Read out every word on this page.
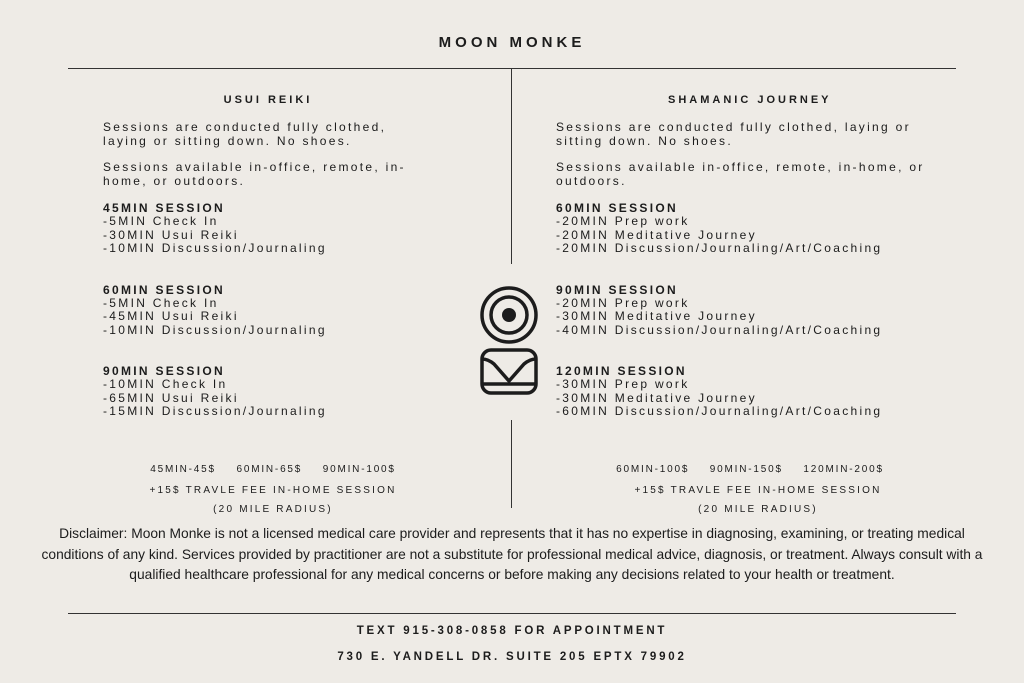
MOON MONKE
USUI REIKI

Sessions are conducted fully clothed, laying or sitting down. No shoes.

Sessions available in-office, remote, in-home, or outdoors.

45MIN SESSION
-5MIN Check In
-30MIN Usui Reiki
-10MIN Discussion/Journaling
60MIN SESSION
-5MIN Check In
-45MIN Usui Reiki
-10MIN Discussion/Journaling
90MIN SESSION
-10MIN Check In
-65MIN Usui Reiki
-15MIN Discussion/Journaling
45MIN-45$ 60MIN-65$ 90MIN-100$
+15$ TRAVLE FEE IN-HOME SESSION
(20 MILE RADIUS)
SHAMANIC JOURNEY

Sessions are conducted fully clothed, laying or sitting down. No shoes.

Sessions available in-office, remote, in-home, or outdoors.

60MIN SESSION
-20MIN Prep work
-20MIN Meditative Journey
-20MIN Discussion/Journaling/Art/Coaching
90MIN SESSION
-20MIN Prep work
-30MIN Meditative Journey
-40MIN Discussion/Journaling/Art/Coaching
120MIN SESSION
-30MIN Prep work
-30MIN Meditative Journey
-60MIN Discussion/Journaling/Art/Coaching
60MIN-100$ 90MIN-150$ 120MIN-200$
+15$ TRAVLE FEE IN-HOME SESSION
(20 MILE RADIUS)
Disclaimer: Moon Monke is not a licensed medical care provider and represents that it has no expertise in diagnosing, examining, or treating medical conditions of any kind. Services provided by practitioner are not a substitute for professional medical advice, diagnosis, or treatment. Always consult with a qualified healthcare professional for any medical concerns or before making any decisions related to your health or treatment.
TEXT 915-308-0858 FOR APPOINTMENT
730 E. YANDELL DR. SUITE 205 EPTX 79902
